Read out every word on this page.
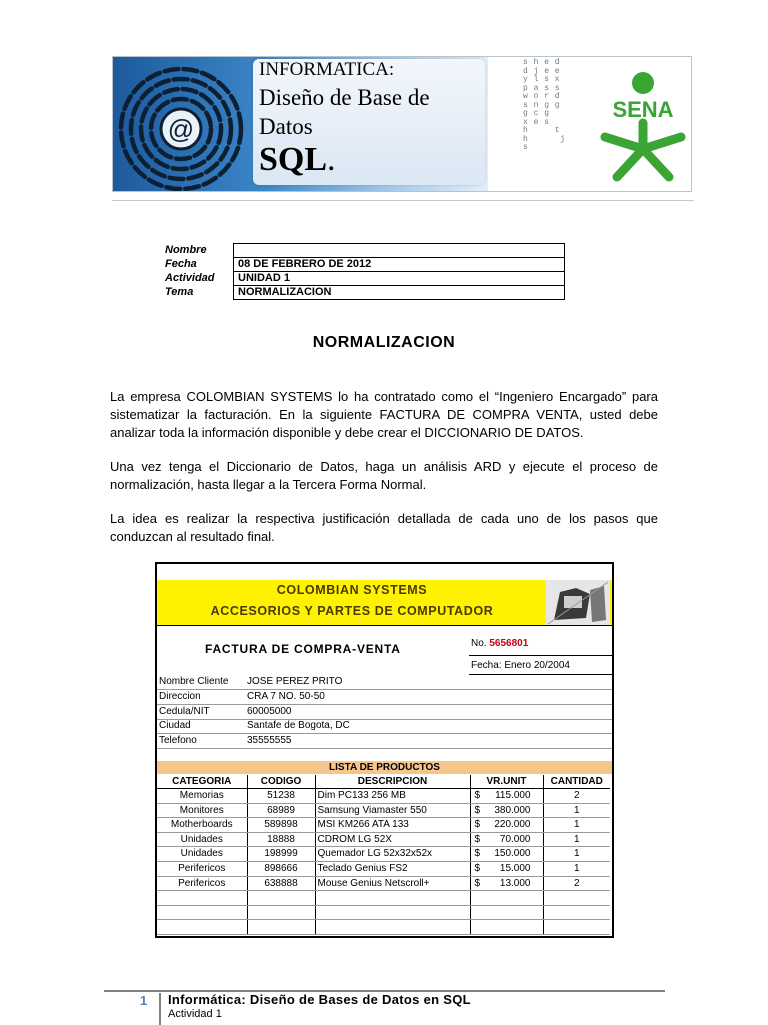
@
INFORMATICA:
Diseño de Base de Datos
SQL.
s h e d
d j e e
y l s x
p a s s
w o r d
s n g g
g c g
x e s
h     t
h      j
s
SENA
Nombre	
Fecha	08 DE FEBRERO DE 2012
Actividad	UNIDAD 1
Tema	NORMALIZACION
NORMALIZACION
La empresa COLOMBIAN SYSTEMS lo ha contratado como el “Ingeniero Encargado” para sistematizar la facturación. En la siguiente FACTURA DE COMPRA VENTA, usted debe analizar toda la información disponible y debe crear el DICCIONARIO DE DATOS.
Una vez tenga el Diccionario de Datos, haga un análisis ARD y ejecute el proceso de normalización, hasta llegar a la Tercera Forma Normal.
La idea es realizar la respectiva justificación detallada de cada uno de los pasos que conduzcan al resultado final.
COLOMBIAN SYSTEMS
ACCESORIOS Y PARTES DE COMPUTADOR
FACTURA DE COMPRA-VENTA	No. 5656801
Fecha: Enero 20/2004
Nombre Cliente JOSE PEREZ PRITO
Direccion	CRA 7 NO. 50-50
Cedula/NIT	60005000
Ciudad	Santafe de Bogota, DC
Telefono	35555555
LISTA DE PRODUCTOS
CATEGORIA	CODIGO	DESCRIPCION	VR.UNIT	CANTIDAD
Memorias	51238	Dim PC133 256 MB	$ 115.000	2
Monitores	68989	Samsung Viamaster 550	$ 380.000	1
Motherboards	589898	MSI KM266 ATA 133	$ 220.000	1
Unidades	18888	CDROM LG 52X	$ 70.000	1
Unidades	198999	Quemador LG 52x32x52x	$ 150.000	1
Perifericos	898666	Teclado Genius FS2	$ 15.000	1
Perifericos	638888	Mouse Genius Netscroll+	$ 13.000	2

1 Informática: Diseño de Bases de Datos en SQL
Actividad 1
